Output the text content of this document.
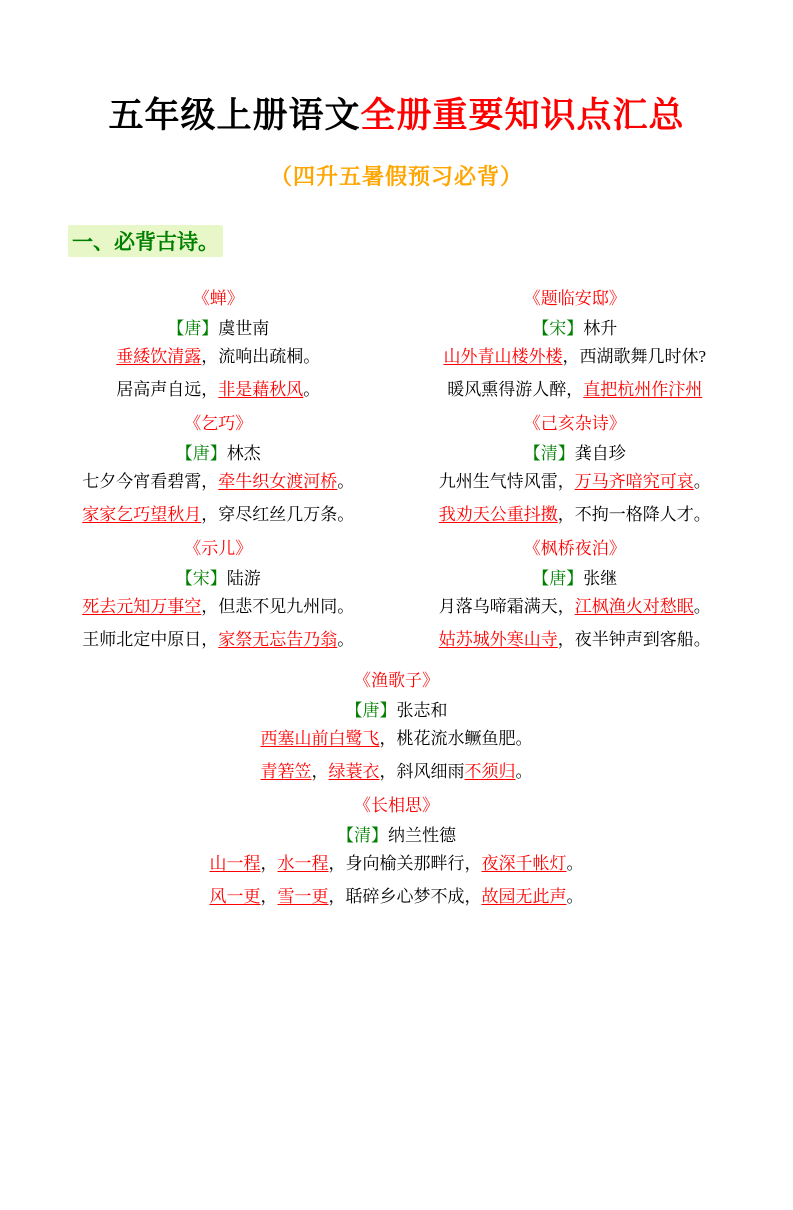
五年级上册语文全册重要知识点汇总
（四升五暑假预习必背）
一、必背古诗。
《蝉》
【唐】虞世南
垂緌饮清露，流响出疏桐。
居高声自远，非是藉秋风。
《乞巧》
【唐】林杰
七夕今宵看碧霄，牵牛织女渡河桥。
家家乞巧望秋月，穿尽红丝几万条。
《示儿》
【宋】陆游
死去元知万事空，但悲不见九州同。
王师北定中原日，家祭无忘告乃翁。
《题临安邸》
【宋】林升
山外青山楼外楼，西湖歌舞几时休?
暖风熏得游人醉，直把杭州作汴州
《己亥杂诗》
【清】龚自珍
九州生气恃风雷，万马齐喑究可哀。
我劝天公重抖擞，不拘一格降人才。
《枫桥夜泊》
【唐】张继
月落乌啼霜满天，江枫渔火对愁眠。
姑苏城外寒山寺，夜半钟声到客船。
《渔歌子》
【唐】张志和
西塞山前白鹭飞，桃花流水鳜鱼肥。
青箬笠，绿蓑衣，斜风细雨不须归。
《长相思》
【清】纳兰性德
山一程，水一程，身向榆关那畔行，夜深千帐灯。
风一更，雪一更，聒碎乡心梦不成，故园无此声。
